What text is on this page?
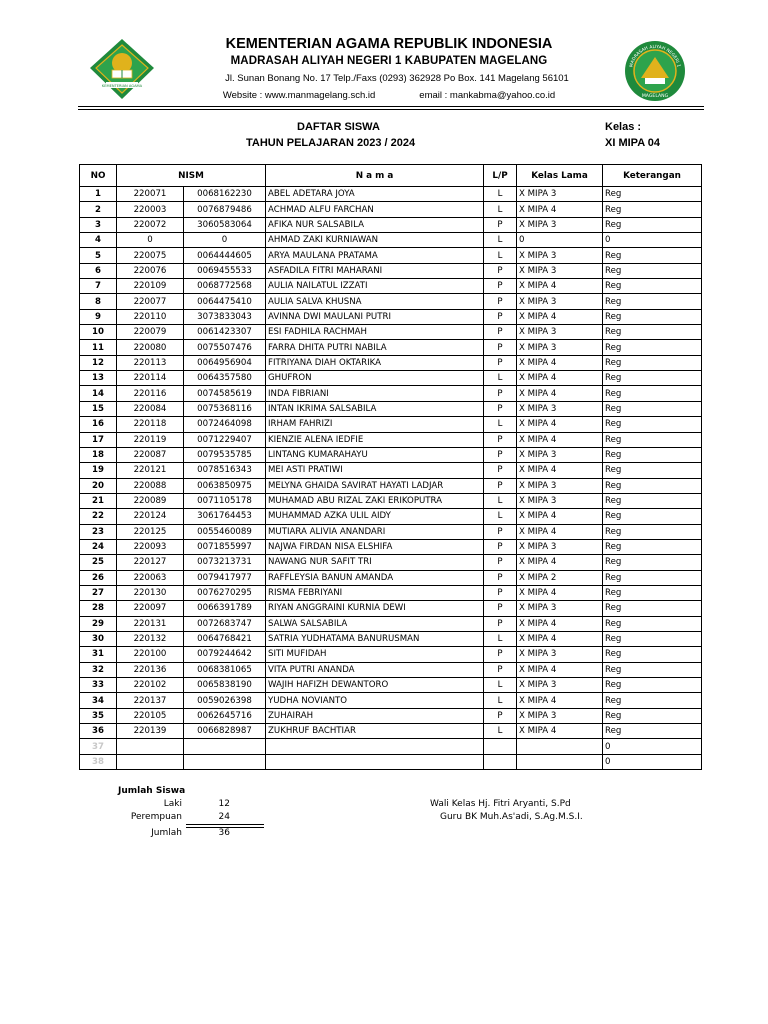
KEMENTERIAN AGAMA
MADRASAH ALIYAH NEGERI 1
MAGELANG
KEMENTERIAN AGAMA REPUBLIK INDONESIA
MADRASAH ALIYAH NEGERI 1 KABUPATEN MAGELANG
Jl. Sunan Bonang No. 17 Telp./Faxs (0293) 362928 Po Box. 141 Magelang 56101
Website : www.manmagelang.sch.id	email : mankabma@yahoo.co.id
DAFTAR SISWA
TAHUN PELAJARAN 2023 / 2024
Kelas :
XI MIPA 04
NO	NISM		N a m a	L/P	Kelas Lama	Keterangan
1	220071	0068162230	ABEL ADETARA JOYA	L	X MIPA 3	Reg
2	220003	0076879486	ACHMAD ALFU FARCHAN	L	X MIPA 4	Reg
3	220072	3060583064	AFIKA NUR SALSABILA	P	X MIPA 3	Reg
4	0	0	AHMAD ZAKI KURNIAWAN	L	0	0
5	220075	0064444605	ARYA MAULANA PRATAMA	L	X MIPA 3	Reg
6	220076	0069455533	ASFADILA FITRI MAHARANI	P	X MIPA 3	Reg
7	220109	0068772568	AULIA NAILATUL IZZATI	P	X MIPA 4	Reg
8	220077	0064475410	AULIA SALVA KHUSNA	P	X MIPA 3	Reg
9	220110	3073833043	AVINNA DWI MAULANI PUTRI	P	X MIPA 4	Reg
10	220079	0061423307	ESI FADHILA RACHMAH	P	X MIPA 3	Reg
11	220080	0075507476	FARRA DHITA PUTRI NABILA	P	X MIPA 3	Reg
12	220113	0064956904	FITRIYANA DIAH OKTARIKA	P	X MIPA 4	Reg
13	220114	0064357580	GHUFRON	L	X MIPA 4	Reg
14	220116	0074585619	INDA FIBRIANI	P	X MIPA 4	Reg
15	220084	0075368116	INTAN IKRIMA SALSABILA	P	X MIPA 3	Reg
16	220118	0072464098	IRHAM FAHRIZI	L	X MIPA 4	Reg
17	220119	0071229407	KIENZIE ALENA IEDFIE	P	X MIPA 4	Reg
18	220087	0079535785	LINTANG KUMARAHAYU	P	X MIPA 3	Reg
19	220121	0078516343	MEI ASTI PRATIWI	P	X MIPA 4	Reg
20	220088	0063850975	MELYNA GHAIDA SAVIRAT HAYATI LADJAR	P	X MIPA 3	Reg
21	220089	0071105178	MUHAMAD ABU RIZAL ZAKI ERIKOPUTRA	L	X MIPA 3	Reg
22	220124	3061764453	MUHAMMAD AZKA ULIL AIDY	L	X MIPA 4	Reg
23	220125	0055460089	MUTIARA ALIVIA ANANDARI	P	X MIPA 4	Reg
24	220093	0071855997	NAJWA FIRDAN NISA ELSHIFA	P	X MIPA 3	Reg
25	220127	0073213731	NAWANG NUR SAFIT TRI	P	X MIPA 4	Reg
26	220063	0079417977	RAFFLEYSIA BANUN AMANDA	P	X MIPA 2	Reg
27	220130	0076270295	RISMA FEBRIYANI	P	X MIPA 4	Reg
28	220097	0066391789	RIYAN ANGGRAINI KURNIA DEWI	P	X MIPA 3	Reg
29	220131	0072683747	SALWA SALSABILA	P	X MIPA 4	Reg
30	220132	0064768421	SATRIA YUDHATAMA BANURUSMAN	L	X MIPA 4	Reg
31	220100	0079244642	SITI MUFIDAH	P	X MIPA 3	Reg
32	220136	0068381065	VITA PUTRI ANANDA	P	X MIPA 4	Reg
33	220102	0065838190	WAJIH HAFIZH DEWANTORO	L	X MIPA 3	Reg
34	220137	0059026398	YUDHA NOVIANTO	L	X MIPA 4	Reg
35	220105	0062645716	ZUHAIRAH	P	X MIPA 3	Reg
36	220139	0066828987	ZUKHRUF BACHTIAR	L	X MIPA 4	Reg
37						0
38						0
Jumlah Siswa
Laki	12
Perempuan	24
Jumlah	36
Wali Kelas Hj. Fitri Aryanti, S.Pd
Guru BK Muh.As'adi, S.Ag.M.S.I.
